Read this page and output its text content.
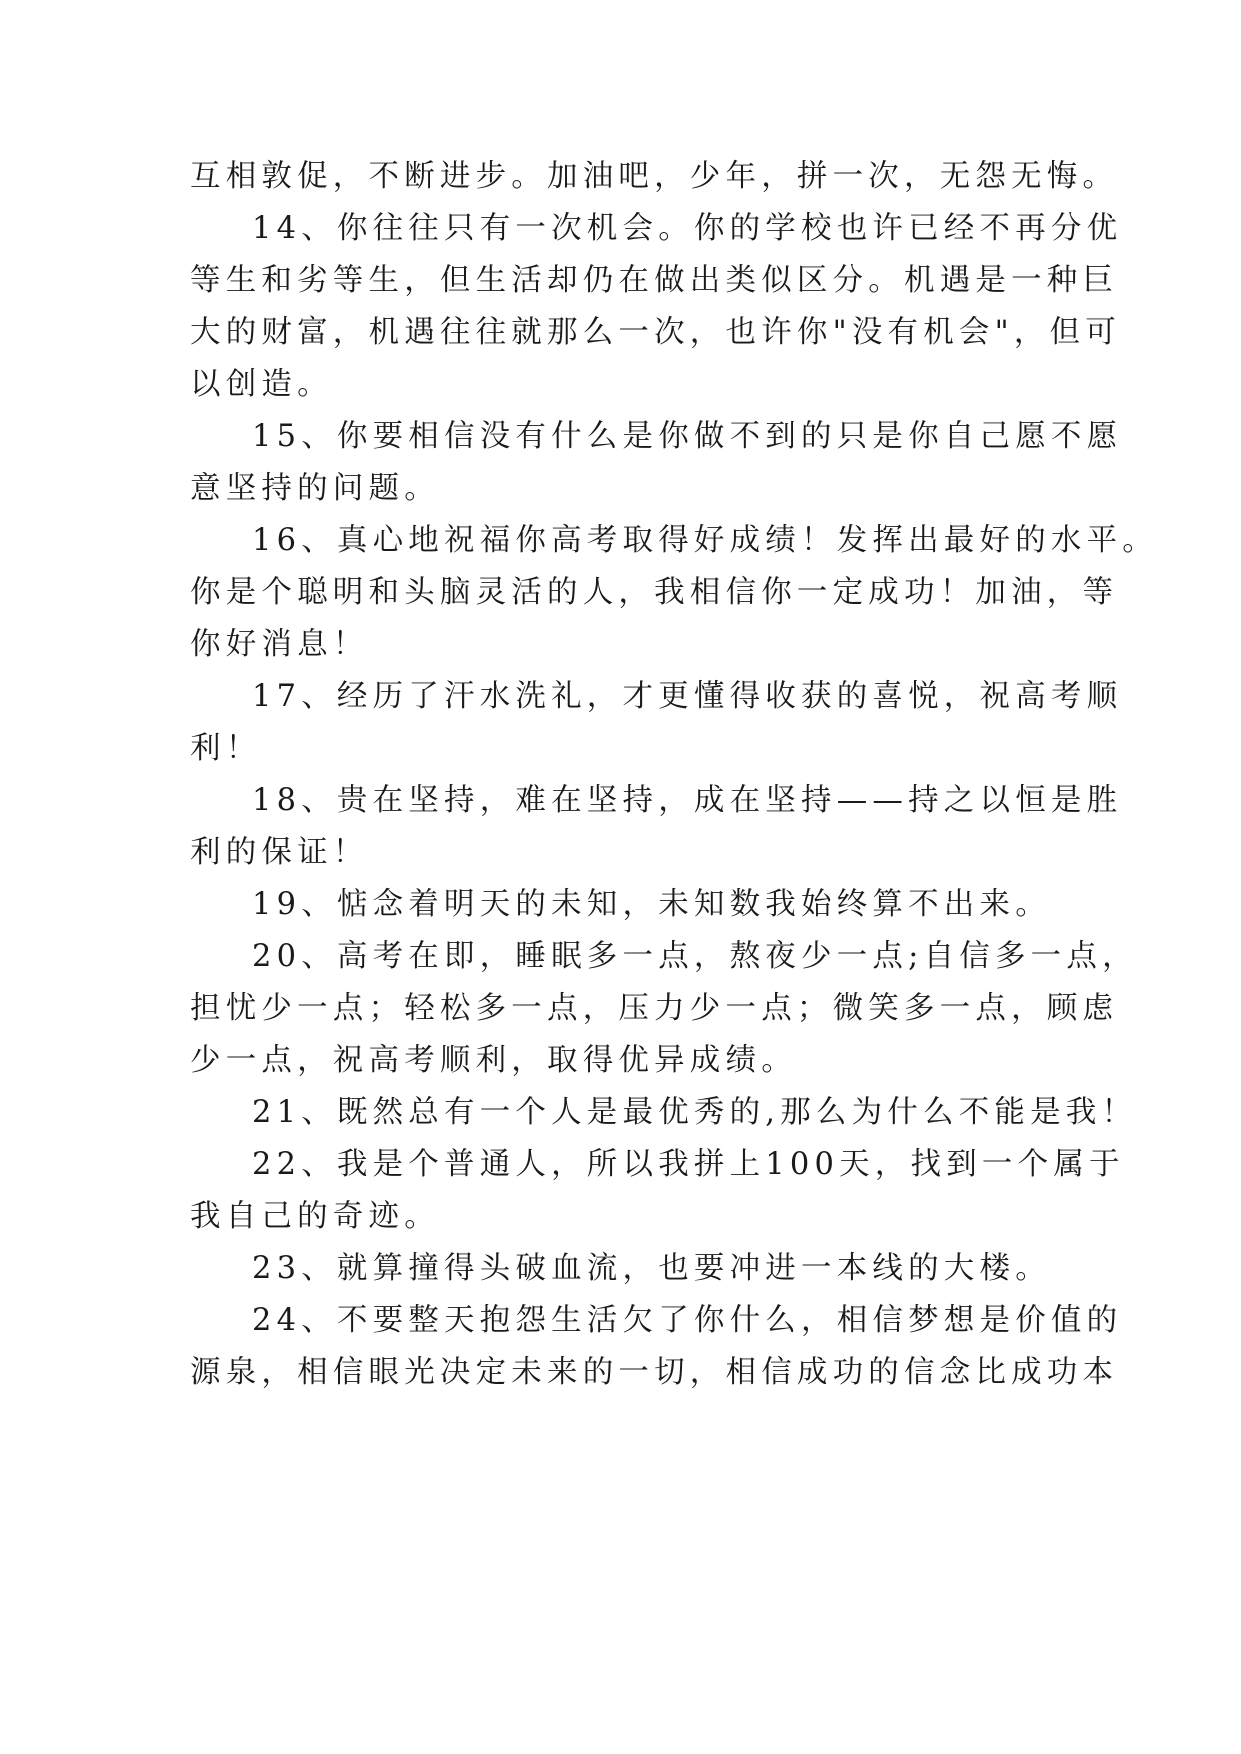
互相敦促，不断进步。加油吧，少年，拼一次，无怨无悔。
14、你往往只有一次机会。你的学校也许已经不再分优
等生和劣等生，但生活却仍在做出类似区分。机遇是一种巨
大的财富，机遇往往就那么一次，也许你"没有机会"，但可
以创造。
15、你要相信没有什么是你做不到的只是你自己愿不愿
意坚持的问题。
16、真心地祝福你高考取得好成绩！发挥出最好的水平。
你是个聪明和头脑灵活的人，我相信你一定成功！加油，等
你好消息！
17、经历了汗水洗礼，才更懂得收获的喜悦，祝高考顺
利！
18、贵在坚持，难在坚持，成在坚持——持之以恒是胜
利的保证！
19、惦念着明天的未知，未知数我始终算不出来。
20、高考在即，睡眠多一点，熬夜少一点;自信多一点，
担忧少一点；轻松多一点，压力少一点；微笑多一点，顾虑
少一点，祝高考顺利，取得优异成绩。
21、既然总有一个人是最优秀的,那么为什么不能是我！
22、我是个普通人，所以我拼上100天，找到一个属于
我自己的奇迹。
23、就算撞得头破血流，也要冲进一本线的大楼。
24、不要整天抱怨生活欠了你什么，相信梦想是价值的
源泉，相信眼光决定未来的一切，相信成功的信念比成功本
